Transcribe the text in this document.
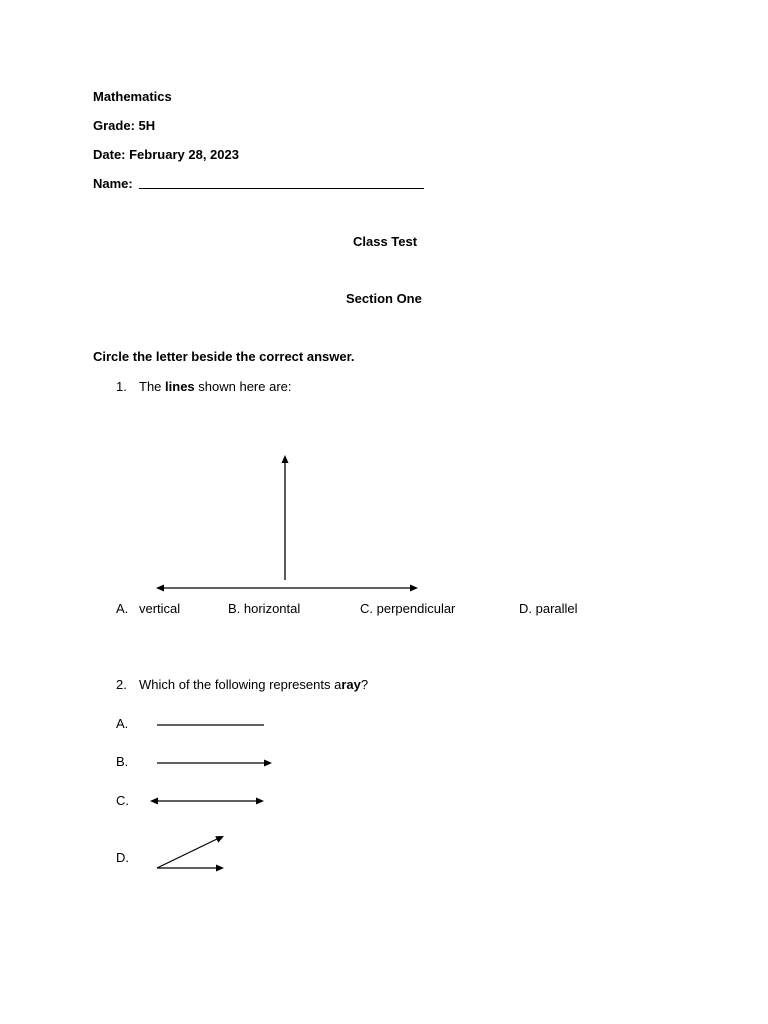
Mathematics
Grade: 5H
Date: February 28, 2023
Name:
Class Test
Section One
Circle the letter beside the correct answer.
1. The lines shown here are:
A. vertical	B. horizontal	C. perpendicular	D. parallel
2. Which of the following represents aray?
A.
B.
C.
D.
